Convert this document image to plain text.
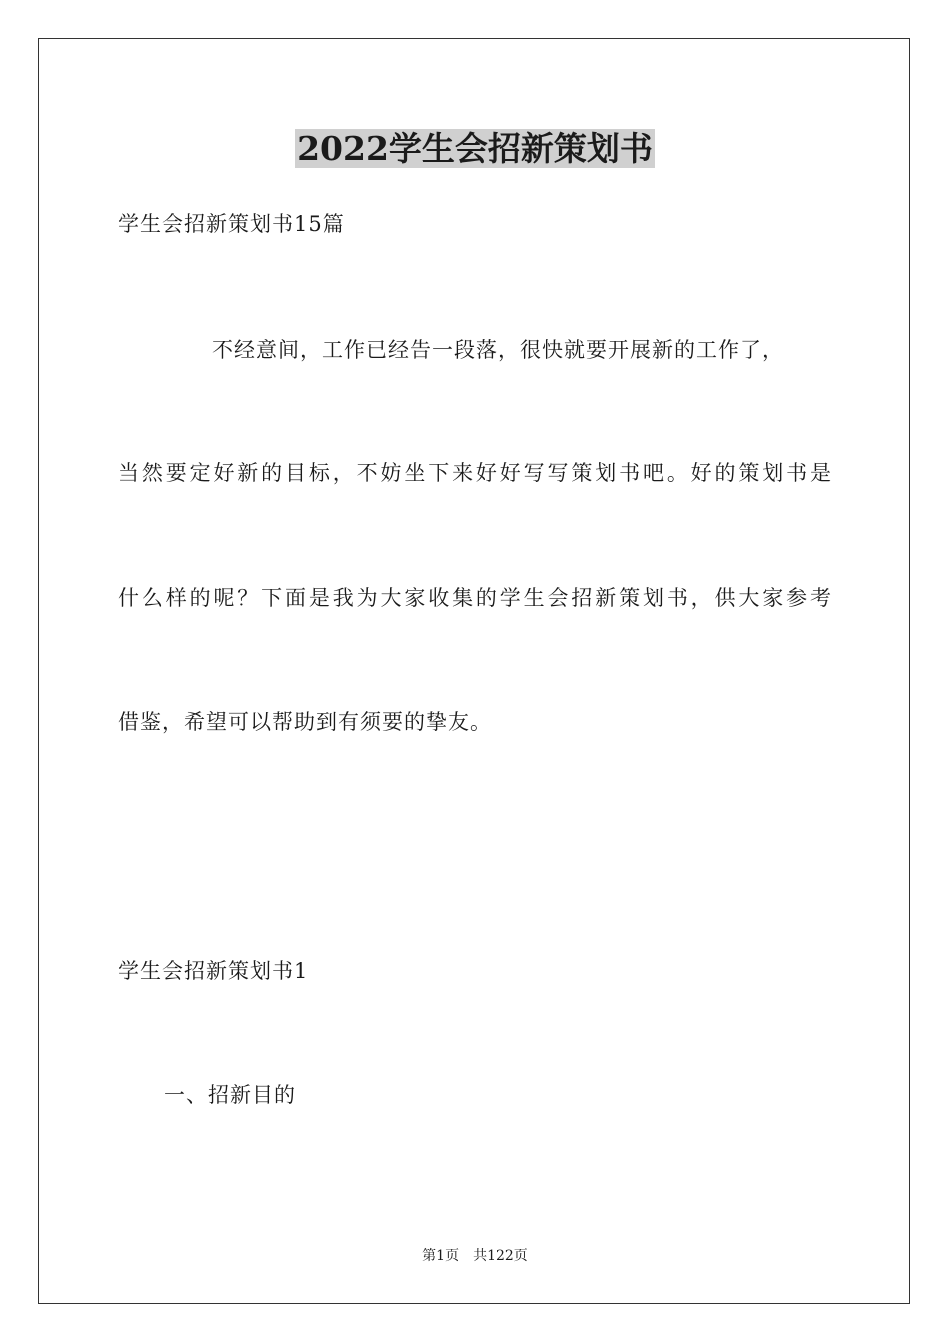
2022学生会招新策划书
学生会招新策划书15篇
不经意间，工作已经告一段落，很快就要开展新的工作了，
当然要定好新的目标，不妨坐下来好好写写策划书吧。好的策划书是
什么样的呢？下面是我为大家收集的学生会招新策划书，供大家参考
借鉴，希望可以帮助到有须要的挚友。
学生会招新策划书1
一、招新目的
第1页　共122页
